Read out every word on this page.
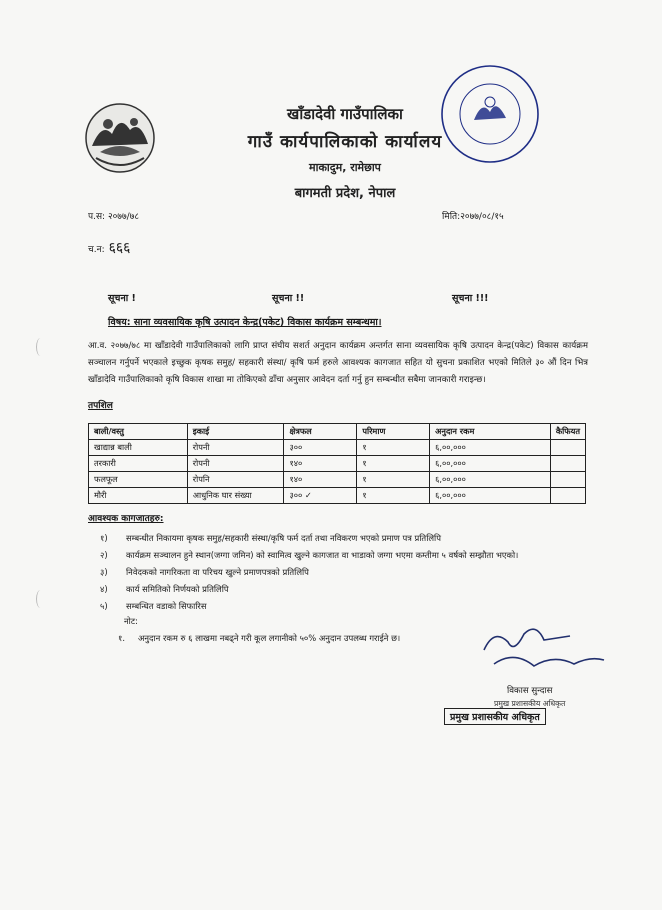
खाँडादेवी गाउँपालिका
गाउँ कार्यपालिकाको कार्यालय
माकादुम, रामेछाप
बागमती प्रदेश, नेपाल
प.स: २०७७/७८	मिति:२०७७/०८/१५
च.न: ६६६
सूचना !	सूचना !!	सूचना !!!
विषय: साना व्यवसायिक कृषि उत्पादन केन्द्र(पकेट) विकास कार्यक्रम सम्बन्धमा।
आ.व. २०७७/७८ मा खाँडादेवी गाउँपालिकाको लागि प्राप्त संघीय सशर्त अनुदान कार्यक्रम अन्तर्गत साना व्यवसायिक कृषि उत्पादन केन्द्र(पकेट) विकास कार्यक्रम सञ्चालन गर्नुपर्ने भएकाले इच्छुक कृषक समुह/ सहकारी संस्था/ कृषि फर्म हरुले आवश्यक कागजात सहित यो सुचना प्रकाशित भएको मितिले ३० औं दिन भित्र खाँडादेवि गाउँपालिकाको कृषि विकास शाखा मा तोकिएको ढाँचा अनुसार आवेदन दर्ता गर्नु हुन सम्बन्धीत सबैमा जानकारी गराइन्छ।
तपशिल
बाली/वस्तु	इकाई	क्षेत्रफल	परिमाण	अनुदान रकम	कैफियत
खाद्यान्न बाली	रोपनी	३००	१	६,००,०००	
तरकारी	रोपनी	१४०	१	६,००,०००	
फलफूल	रोपनि	१४०	१	६,००,०००	
मौरी	आधुनिक घार संख्या	३०० ✓	१	६,००,०००	
आवश्यक कागजातहरु:
१)	सम्बन्धीत निकायमा कृषक समुह/सहकारी संस्था/कृषि फर्म दर्ता तथा नविकरण भएको प्रमाण पत्र प्रतिलिपि
२)	कार्यक्रम सञ्चालन हुने स्थान(जग्गा जमिन) को स्वामित्व खुल्ने कागजात वा भाडाको जग्गा भएमा कम्तीमा ५ वर्षको सम्झौता भएको।
३)	निवेदकको नागरिकता वा परिचय खुल्ने प्रमाणपत्रको प्रतिलिपि
४)	कार्य समितिको निर्णयको प्रतिलिपि
५)	सम्बन्धित वडाको सिफारिस
नोट:
१. अनुदान रकम रु ६ लाखमा नबढ्ने गरी कूल लगानीको ५०% अनुदान उपलब्ध गराईने छ।
विकास सुन्दास
प्रमुख प्रशासकीय अधिकृत
प्रमुख प्रशासकीय अधिकृत
